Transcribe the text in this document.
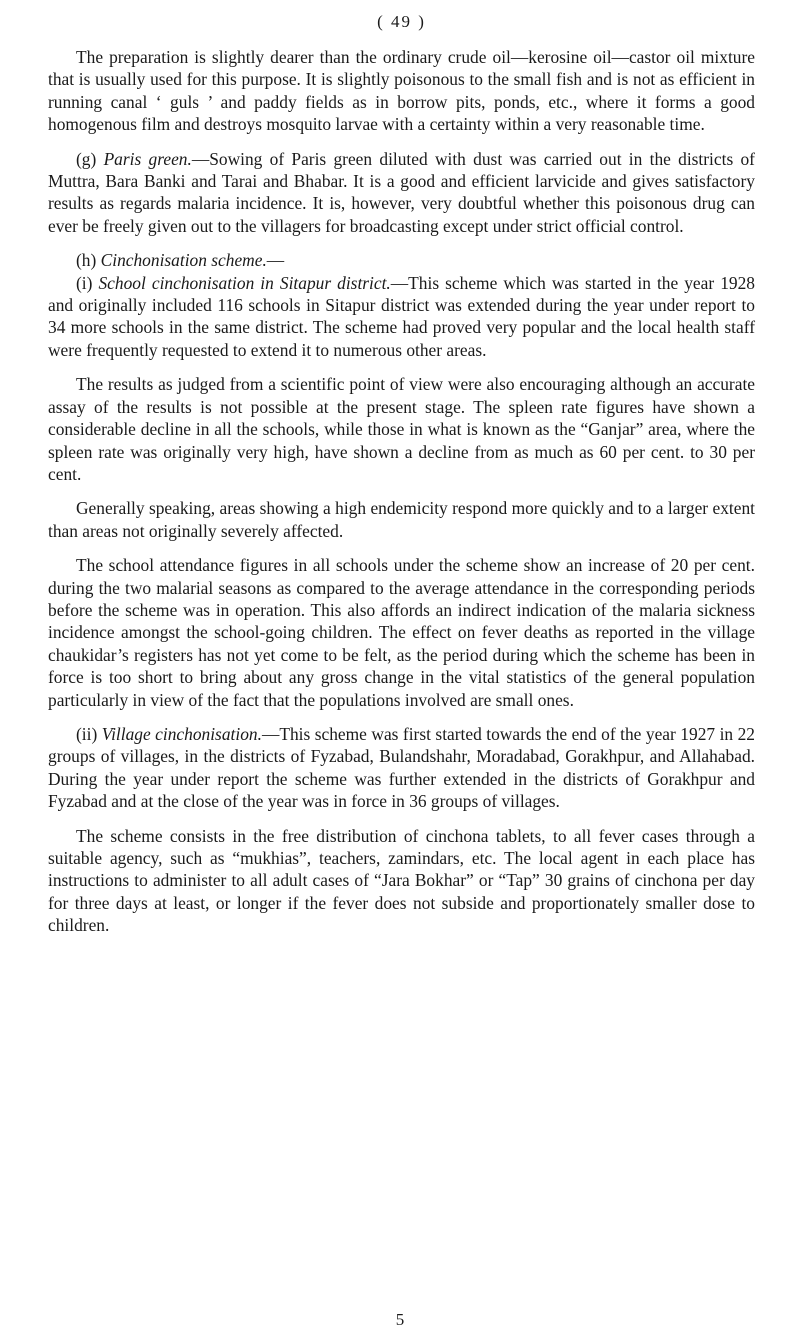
( 49 )

The preparation is slightly dearer than the ordinary crude oil—kerosine oil—castor oil mixture that is usually used for this purpose. It is slightly poisonous to the small fish and is not as efficient in running canal ‘ guls ’ and paddy fields as in borrow pits, ponds, etc., where it forms a good homogenous film and destroys mosquito larvae with a certainty within a very reasonable time.

(g) Paris green.—Sowing of Paris green diluted with dust was carried out in the districts of Muttra, Bara Banki and Tarai and Bhabar. It is a good and efficient larvicide and gives satisfactory results as regards malaria incidence. It is, however, very doubtful whether this poisonous drug can ever be freely given out to the villagers for broadcasting except under strict official control.

(h) Cinchonisation scheme.—

(i) School cinchonisation in Sitapur district.—This scheme which was started in the year 1928 and originally included 116 schools in Sitapur district was extended during the year under report to 34 more schools in the same district. The scheme had proved very popular and the local health staff were frequently requested to extend it to numerous other areas.

The results as judged from a scientific point of view were also encouraging although an accurate assay of the results is not possible at the present stage. The spleen rate figures have shown a considerable decline in all the schools, while those in what is known as the “Ganjar” area, where the spleen rate was originally very high, have shown a decline from as much as 60 per cent. to 30 per cent.

Generally speaking, areas showing a high endemicity respond more quickly and to a larger extent than areas not originally severely affected.

The school attendance figures in all schools under the scheme show an increase of 20 per cent. during the two malarial seasons as compared to the average attendance in the corresponding periods before the scheme was in operation. This also affords an indirect indication of the malaria sickness incidence amongst the school-going children. The effect on fever deaths as reported in the village chaukidar’s registers has not yet come to be felt, as the period during which the scheme has been in force is too short to bring about any gross change in the vital statistics of the general population particularly in view of the fact that the populations involved are small ones.

(ii) Village cinchonisation.—This scheme was first started towards the end of the year 1927 in 22 groups of villages, in the districts of Fyzabad, Bulandshahr, Moradabad, Gorakhpur, and Allahabad. During the year under report the scheme was further extended in the districts of Gorakhpur and Fyzabad and at the close of the year was in force in 36 groups of villages.

The scheme consists in the free distribution of cinchona tablets, to all fever cases through a suitable agency, such as “mukhias”, teachers, zamindars, etc. The local agent in each place has instructions to administer to all adult cases of “Jara Bokhar” or “Tap” 30 grains of cinchona per day for three days at least, or longer if the fever does not subside and proportionately smaller dose to children.

5
